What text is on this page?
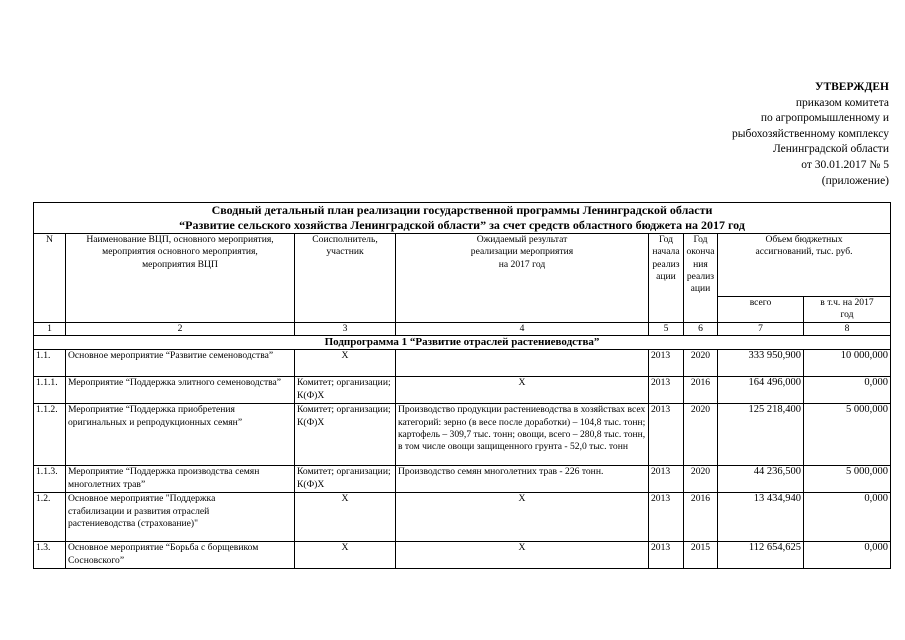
УТВЕРЖДЕН
приказом комитета
по агропромышленному и
рыбохозяйственному комплексу
Ленинградской области
от 30.01.2017 № 5
(приложение)
Сводный детальный план реализации государственной программы Ленинградской области
“Развитие сельского хозяйства Ленинградской области” за счет средств областного бюджета на 2017 год							

N	Наименование ВЦП, основного мероприятия, мероприятия основного мероприятия, мероприятия ВЦП	Соисполнитель, участник	Ожидаемый результат реализации мероприятия на 2017 год	Год начала реализ ации	Год оконча ния реализ ации	Объем бюджетных ассигнований, тыс. руб.	
						всего	в т.ч. на 2017 год
1	2	3	4	5	6	7	8
Подпрограмма 1 “Развитие отраслей растениеводства”							
1.1.	Основное мероприятие “Развитие семеноводства”	X		2013	2020	333 950,900	10 000,000
1.1.1.	Мероприятие “Поддержка элитного семеноводства”	Комитет; организации; К(Ф)Х	X	2013	2016	164 496,000	0,000
1.1.2.	Мероприятие “Поддержка приобретения оригинальных и репродукционных семян”	Комитет; организации; К(Ф)Х	Производство продукции растениеводства в хозяйствах всех категорий: зерно (в весе после доработки) – 104,8 тыс. тонн; картофель – 309,7 тыс. тонн; овощи, всего – 280,8 тыс. тонн, в том числе овощи защищенного грунта - 52,0 тыс. тонн	2013	2020	125 218,400	5 000,000
1.1.3.	Мероприятие “Поддержка производства семян многолетних трав”	Комитет; организации; К(Ф)Х	Производство семян многолетних трав - 226 тонн.	2013	2020	44 236,500	5 000,000
1.2.	Основное мероприятие "Поддержка стабилизации и развития отраслей растениеводства (страхование)"	X	X	2013	2016	13 434,940	0,000
1.3.	Основное мероприятие “Борьба с борщевиком Сосновского”	X	X	2013	2015	112 654,625	0,000
